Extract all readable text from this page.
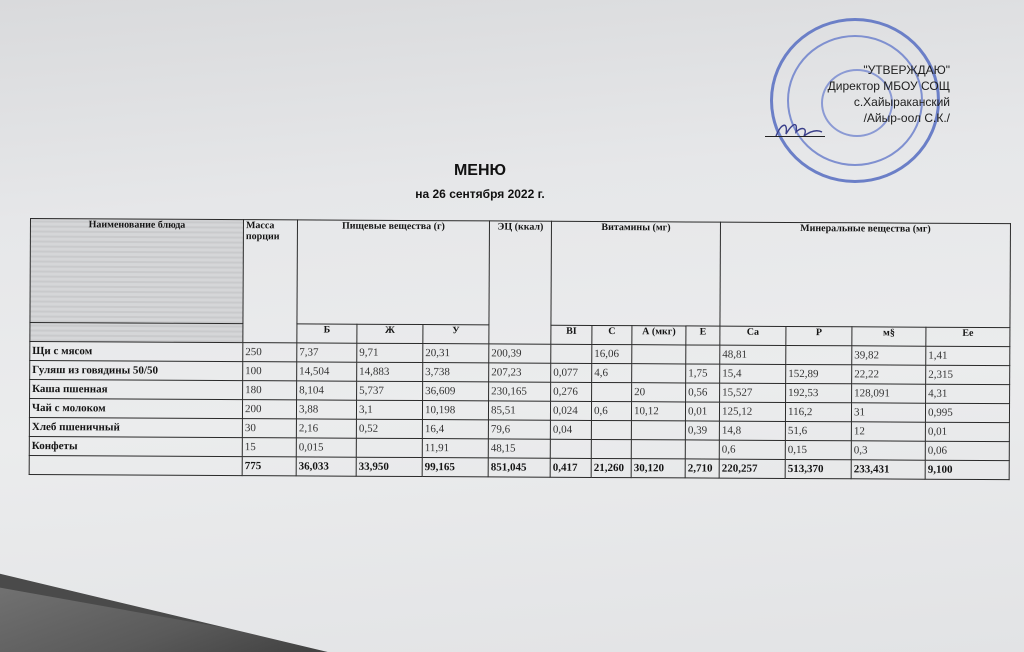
"УТВЕРЖДАЮ"
Директор МБОУ СОЩ
с.Хайыраканский
/Айыр-оол С.К./
МЕНЮ
на 26 сентября 2022 г.
Наименование блюда	Масса порции	Пищевые вещества (г)			ЭЦ (ккал)	Витамины (мг)				Минеральные вещества (мг)			
		Б	Ж	У		ВI	С	А (мкг)	Е	Са	Р	м§	Ее
Щи с мясом	250	7,37	9,71	20,31	200,39		16,06			48,81		39,82	1,41
Гуляш из говядины 50/50	100	14,504	14,883	3,738	207,23	0,077	4,6		1,75	15,4	152,89	22,22	2,315
Каша пшенная	180	8,104	5,737	36,609	230,165	0,276		20	0,56	15,527	192,53	128,091	4,31
Чай с молоком	200	3,88	3,1	10,198	85,51	0,024	0,6	10,12	0,01	125,12	116,2	31	0,995
Хлеб пшеничный	30	2,16	0,52	16,4	79,6	0,04			0,39	14,8	51,6	12	0,01
Конфеты	15	0,015		11,91	48,15					0,6	0,15	0,3	0,06
	775	36,033	33,950	99,165	851,045	0,417	21,260	30,120	2,710	220,257	513,370	233,431	9,100
